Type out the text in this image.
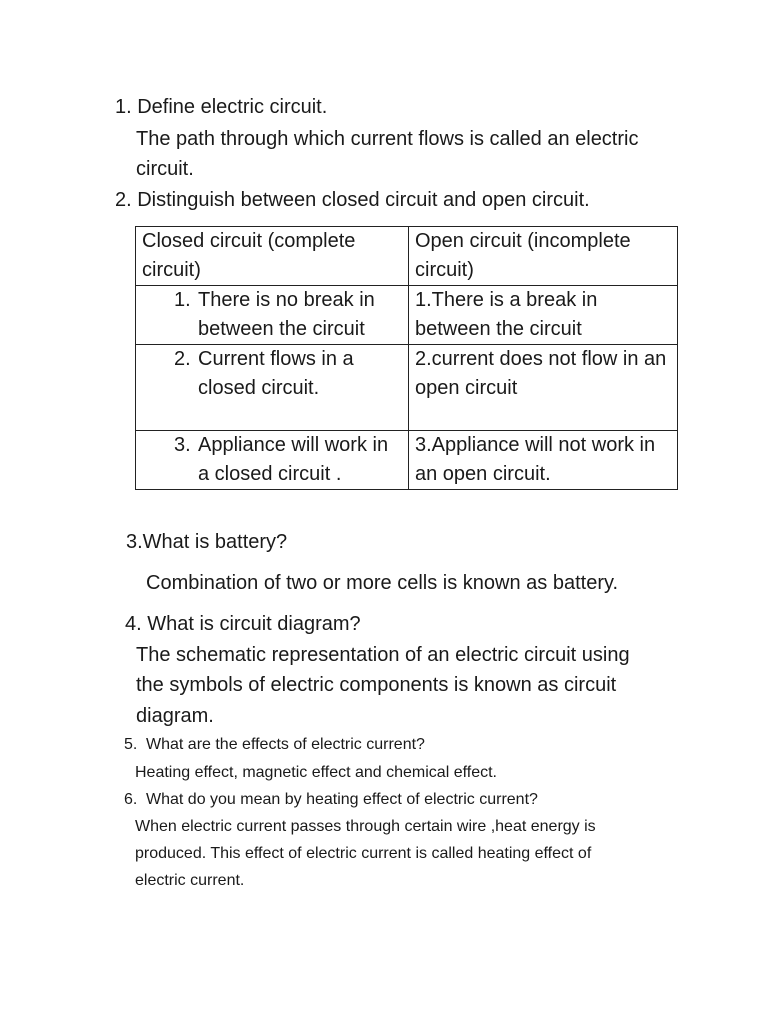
1. Define electric circuit.
The path through which current flows is called an electric
circuit.
2. Distinguish between closed circuit and open circuit.
Closed circuit (complete circuit)	Open circuit (incomplete circuit)

1. There is no break in between the circuit	1.There is a break in between the circuit

2. Current flows in a closed circuit.	2.current does not flow in an open circuit

3. Appliance will work in a closed circuit .	3.Appliance will not work in an open circuit.
3.What is battery?
Combination of two or more cells is known as battery.
4. What is circuit diagram?
The schematic representation of an electric circuit using
the symbols of electric components is known as circuit
diagram.
5. What are the effects of electric current?
Heating effect, magnetic effect and chemical effect.
6. What do you mean by heating effect of electric current?
When electric current passes through certain wire ,heat energy is
produced. This effect of electric current is called heating effect of
electric current.
